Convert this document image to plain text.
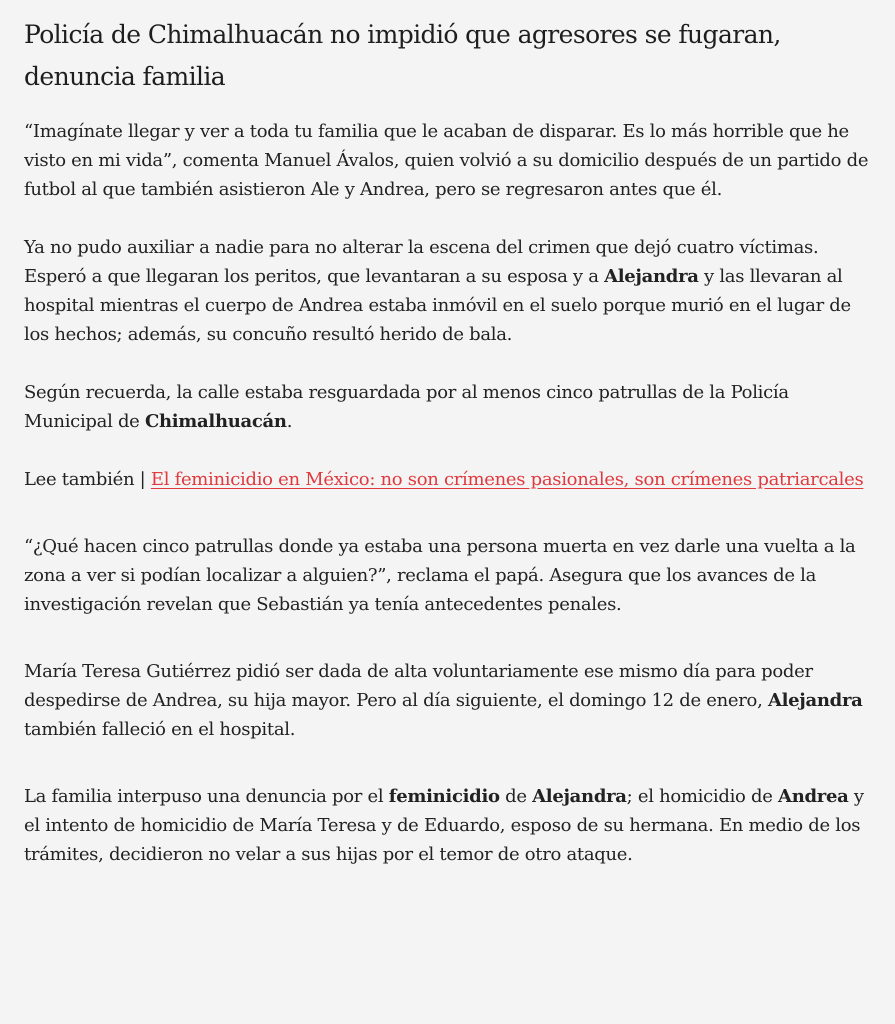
Policía de Chimalhuacán no impidió que agresores se fugaran, denuncia familia

“Imagínate llegar y ver a toda tu familia que le acaban de disparar. Es lo más horrible que he visto en mi vida”, comenta Manuel Ávalos, quien volvió a su domicilio después de un partido de futbol al que también asistieron Ale y Andrea, pero se regresaron antes que él.

Ya no pudo auxiliar a nadie para no alterar la escena del crimen que dejó cuatro víctimas. Esperó a que llegaran los peritos, que levantaran a su esposa y a Alejandra y las llevaran al hospital mientras el cuerpo de Andrea estaba inmóvil en el suelo porque murió en el lugar de los hechos; además, su concuño resultó herido de bala.

Según recuerda, la calle estaba resguardada por al menos cinco patrullas de la Policía Municipal de Chimalhuacán.

Lee también | El feminicidio en México: no son crímenes pasionales, son crímenes patriarcales

“¿Qué hacen cinco patrullas donde ya estaba una persona muerta en vez darle una vuelta a la zona a ver si podían localizar a alguien?”, reclama el papá. Asegura que los avances de la investigación revelan que Sebastián ya tenía antecedentes penales.

María Teresa Gutiérrez pidió ser dada de alta voluntariamente ese mismo día para poder despedirse de Andrea, su hija mayor. Pero al día siguiente, el domingo 12 de enero, Alejandra también falleció en el hospital.

La familia interpuso una denuncia por el feminicidio de Alejandra; el homicidio de Andrea y el intento de homicidio de María Teresa y de Eduardo, esposo de su hermana. En medio de los trámites, decidieron no velar a sus hijas por el temor de otro ataque.
